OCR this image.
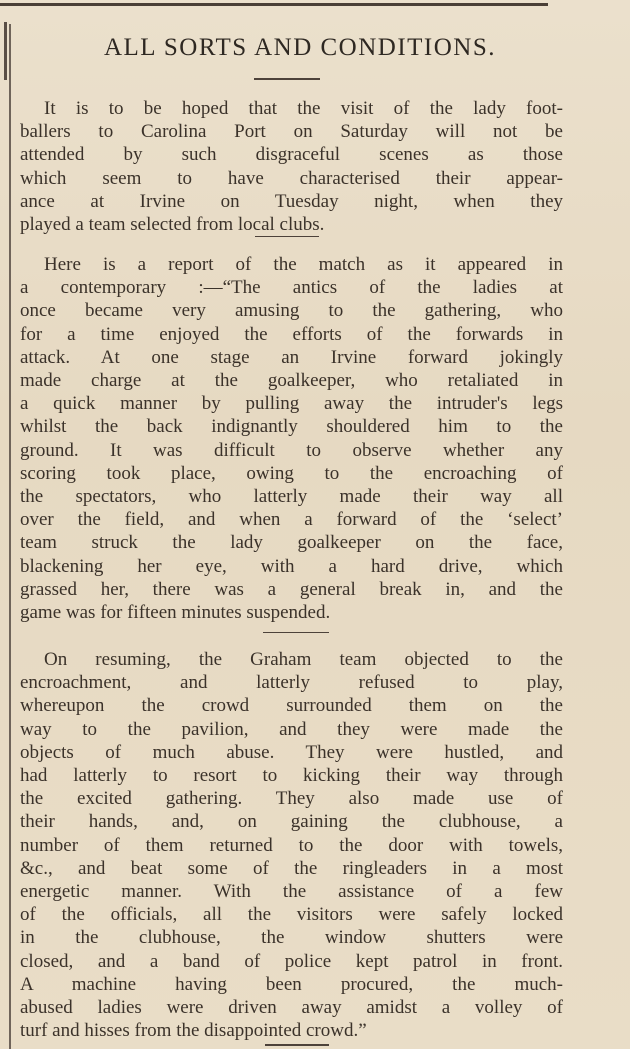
ALL SORTS AND CONDITIONS.
It is to be hoped that the visit of the lady foot-
ballers to Carolina Port on Saturday will not be
attended by such disgraceful scenes as those
which seem to have characterised their appear-
ance at Irvine on Tuesday night, when they
played a team selected from local clubs.
Here is a report of the match as it appeared in
a contemporary :—“The antics of the ladies at
once became very amusing to the gathering, who
for a time enjoyed the efforts of the forwards in
attack. At one stage an Irvine forward jokingly
made charge at the goalkeeper, who retaliated in
a quick manner by pulling away the intruder's legs
whilst the back indignantly shouldered him to the
ground. It was difficult to observe whether any
scoring took place, owing to the encroaching of
the spectators, who latterly made their way all
over the field, and when a forward of the ‘select’
team struck the lady goalkeeper on the face,
blackening her eye, with a hard drive, which
grassed her, there was a general break in, and the
game was for fifteen minutes suspended.
On resuming, the Graham team objected to the
encroachment, and latterly refused to play,
whereupon the crowd surrounded them on the
way to the pavilion, and they were made the
objects of much abuse. They were hustled, and
had latterly to resort to kicking their way through
the excited gathering. They also made use of
their hands, and, on gaining the clubhouse, a
number of them returned to the door with towels,
&c., and beat some of the ringleaders in a most
energetic manner. With the assistance of a few
of the officials, all the visitors were safely locked
in the clubhouse, the window shutters were
closed, and a band of police kept patrol in front.
A machine having been procured, the much-
abused ladies were driven away amidst a volley of
turf and hisses from the disappointed crowd.”
